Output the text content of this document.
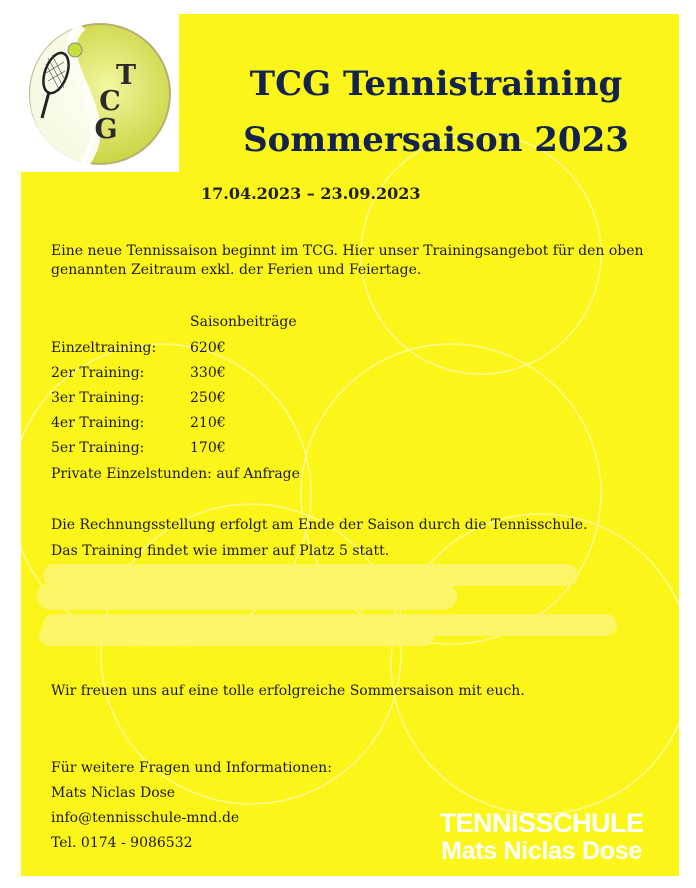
T
C
G
TCG Tennistraining
Sommersaison 2023
17.04.2023 – 23.09.2023
Eine neue Tennissaison beginnt im TCG. Hier unser Trainingsangebot für den oben genannten Zeitraum exkl. der Ferien und Feiertage.
Saisonbeiträge
Einzeltraining: 620€
2er Training:	330€
3er Training:	250€
4er Training:	210€
5er Training:	170€
Private Einzelstunden: auf Anfrage
Die Rechnungsstellung erfolgt am Ende der Saison durch die Tennisschule.
Das Training findet wie immer auf Platz 5 statt.
Wir freuen uns auf eine tolle erfolgreiche Sommersaison mit euch.
Für weitere Fragen und Informationen:
Mats Niclas Dose
info@tennisschule-mnd.de
Tel. 0174 - 9086532
TENNISSCHULE
Mats Niclas Dose
